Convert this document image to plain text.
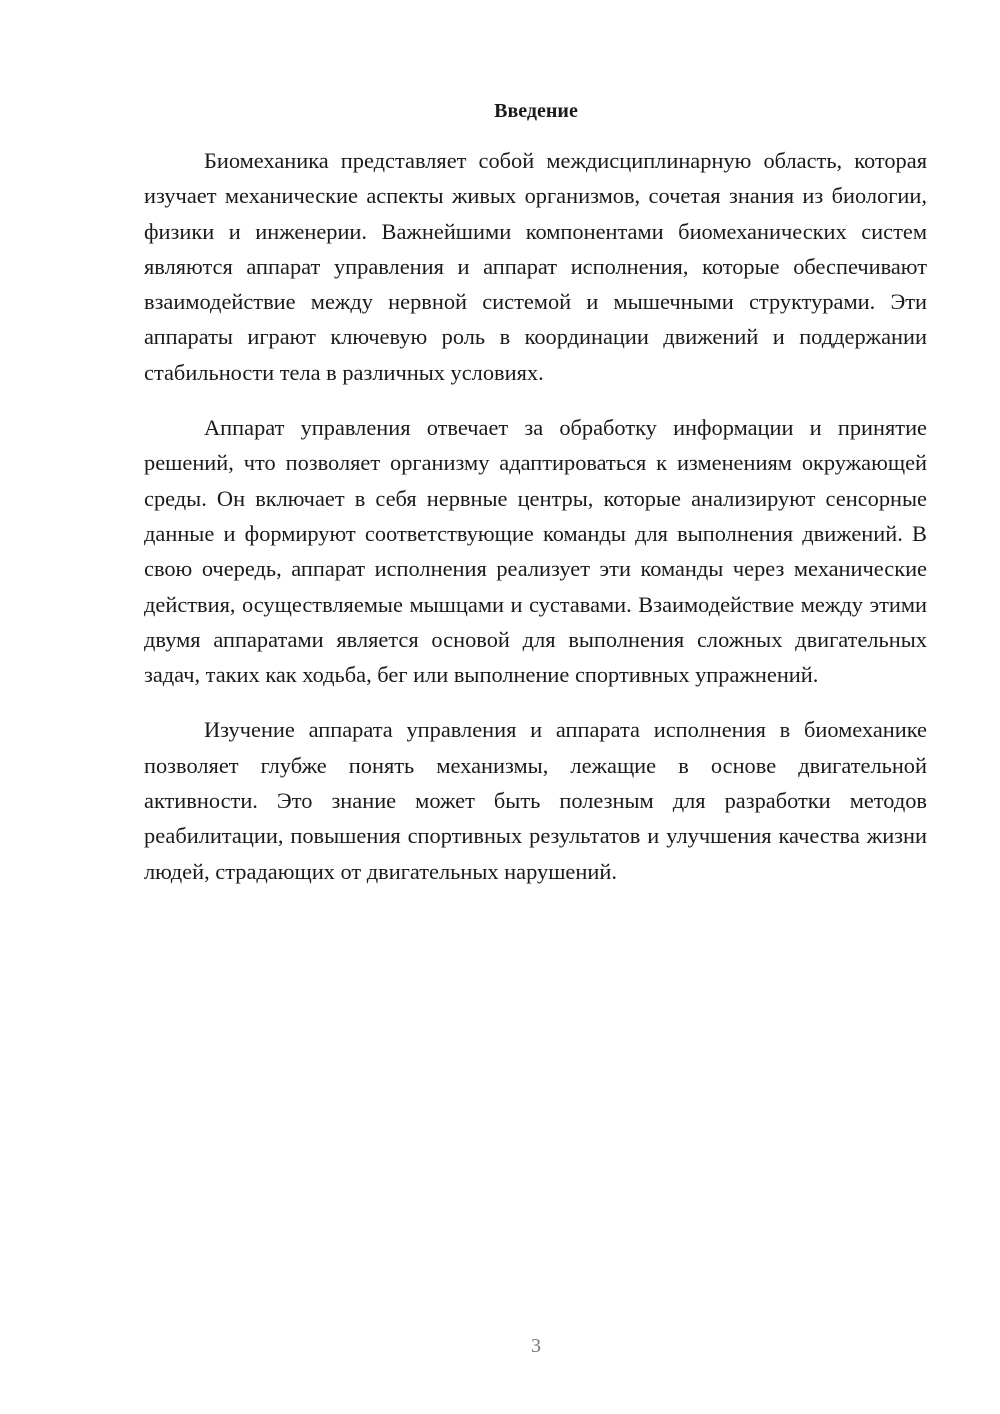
Введение

Биомеханика представляет собой междисциплинарную область, которая изучает механические аспекты живых организмов, сочетая знания из биологии, физики и инженерии. Важнейшими компонентами биомеханических систем являются аппарат управления и аппарат исполнения, которые обеспечивают взаимодействие между нервной системой и мышечными структурами. Эти аппараты играют ключевую роль в координации движений и поддержании стабильности тела в различных условиях.

Аппарат управления отвечает за обработку информации и принятие решений, что позволяет организму адаптироваться к изменениям окружающей среды. Он включает в себя нервные центры, которые анализируют сенсорные данные и формируют соответствующие команды для выполнения движений. В свою очередь, аппарат исполнения реализует эти команды через механические действия, осуществляемые мышцами и суставами. Взаимодействие между этими двумя аппаратами является основой для выполнения сложных двигательных задач, таких как ходьба, бег или выполнение спортивных упражнений.

Изучение аппарата управления и аппарата исполнения в биомеханике позволяет глубже понять механизмы, лежащие в основе двигательной активности. Это знание может быть полезным для разработки методов реабилитации, повышения спортивных результатов и улучшения качества жизни людей, страдающих от двигательных нарушений.

3
